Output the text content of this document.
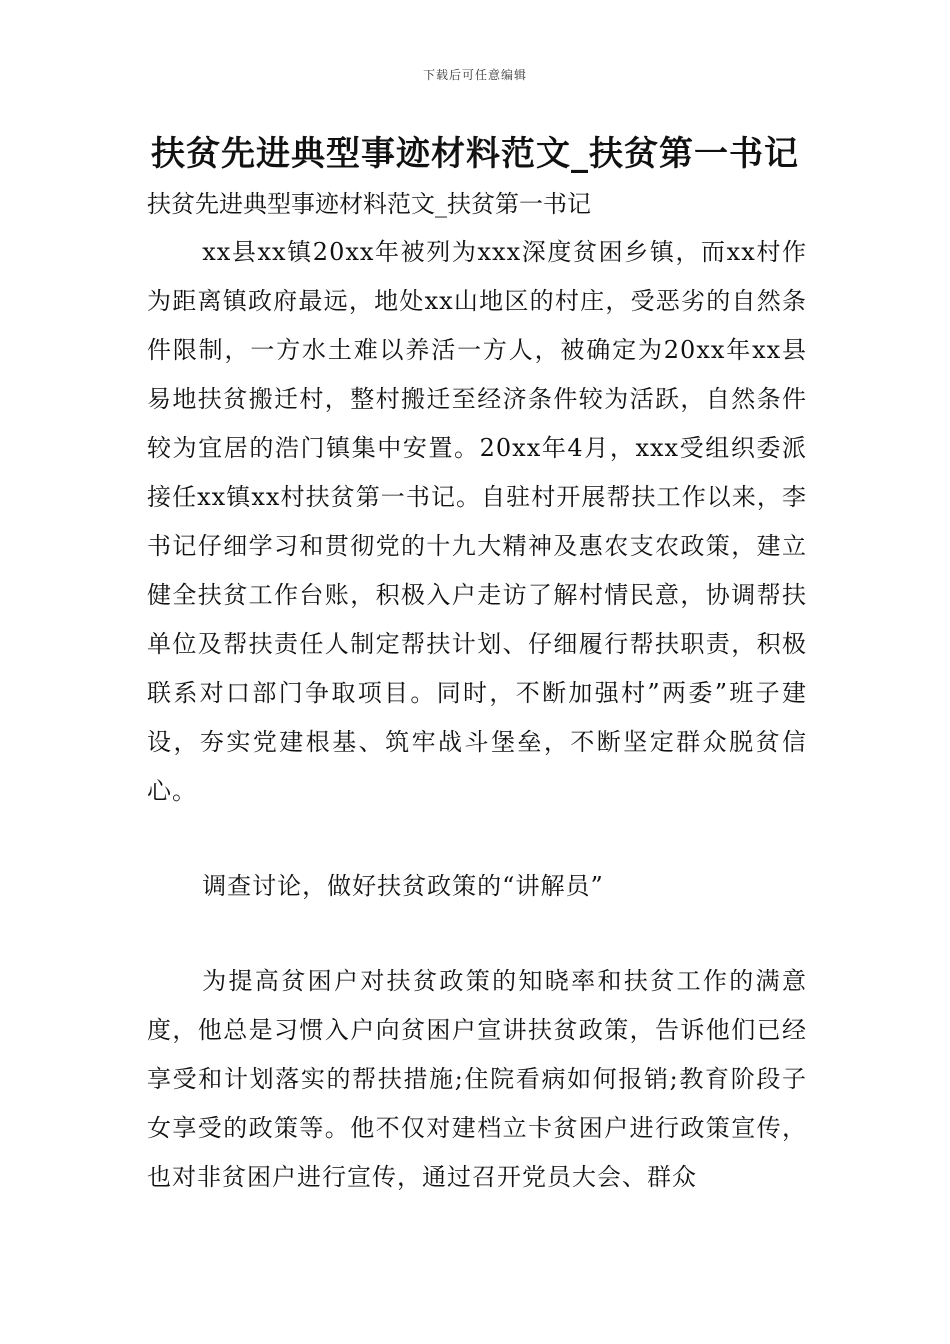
下载后可任意编辑
扶贫先进典型事迹材料范文_扶贫第一书记
扶贫先进典型事迹材料范文_扶贫第一书记

xx县xx镇20xx年被列为xxx深度贫困乡镇，而xx村作为距离镇政府最远，地处xx山地区的村庄，受恶劣的自然条件限制，一方水土难以养活一方人，被确定为20xx年xx县易地扶贫搬迁村，整村搬迁至经济条件较为活跃，自然条件较为宜居的浩门镇集中安置。20xx年4月，xxx受组织委派接任xx镇xx村扶贫第一书记。自驻村开展帮扶工作以来，李书记仔细学习和贯彻党的十九大精神及惠农支农政策，建立健全扶贫工作台账，积极入户走访了解村情民意，协调帮扶单位及帮扶责任人制定帮扶计划、仔细履行帮扶职责，积极联系对口部门争取项目。同时，不断加强村”两委”班子建设，夯实党建根基、筑牢战斗堡垒，不断坚定群众脱贫信心。

调查讨论，做好扶贫政策的“讲解员”

为提高贫困户对扶贫政策的知晓率和扶贫工作的满意度，他总是习惯入户向贫困户宣讲扶贫政策，告诉他们已经享受和计划落实的帮扶措施;住院看病如何报销;教育阶段子女享受的政策等。他不仅对建档立卡贫困户进行政策宣传，也对非贫困户进行宣传，通过召开党员大会、群众
